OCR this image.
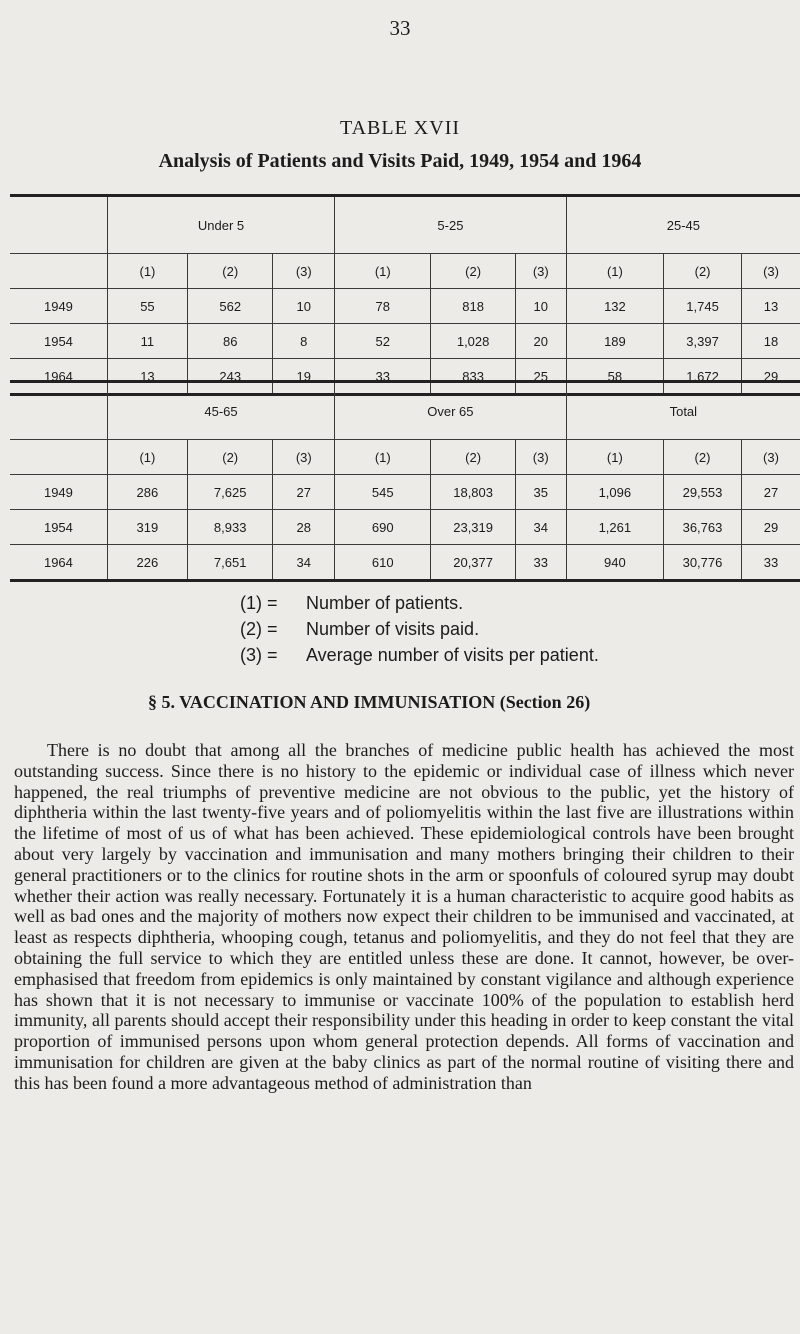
33
TABLE XVII
Analysis of Patients and Visits Paid, 1949, 1954 and 1964
	Under 5			5-25			25-45		
	(1)	(2)	(3)	(1)	(2)	(3)	(1)	(2)	(3)
1949	55	562	10	78	818	10	132	1,745	13
1954	11	86	8	52	1,028	20	189	3,397	18
1964	13	243	19	33	833	25	58	1,672	29
	45-65			Over 65			Total		
	(1)	(2)	(3)	(1)	(2)	(3)	(1)	(2)	(3)
1949	286	7,625	27	545	18,803	35	1,096	29,553	27
1954	319	8,933	28	690	23,319	34	1,261	36,763	29
1964	226	7,651	34	610	20,377	33	940	30,776	33
(1) =	Number of patients.
(2) =	Number of visits paid.
(3) =	Average number of visits per patient.
§ 5. VACCINATION AND IMMUNISATION (Section 26)

There is no doubt that among all the branches of medicine public health has achieved the most outstanding success. Since there is no history to the epidemic or individual case of illness which never happened, the real triumphs of preventive medicine are not obvious to the public, yet the history of diphtheria within the last twenty-five years and of poliomyelitis within the last five are illustrations within the lifetime of most of us of what has been achieved. These epidemiological controls have been brought about very largely by vaccination and immunisation and many mothers bringing their children to their general practitioners or to the clinics for routine shots in the arm or spoonfuls of coloured syrup may doubt whether their action was really necessary. Fortunately it is a human characteristic to acquire good habits as well as bad ones and the majority of mothers now expect their children to be immunised and vaccinated, at least as respects diphtheria, whooping cough, tetanus and poliomyelitis, and they do not feel that they are obtaining the full service to which they are entitled unless these are done. It cannot, however, be over-emphasised that freedom from epidemics is only maintained by constant vigilance and although experience has shown that it is not necessary to immunise or vaccinate 100% of the population to establish herd immunity, all parents should accept their responsibility under this heading in order to keep constant the vital proportion of immunised persons upon whom general protection depends. All forms of vaccination and immunisation for children are given at the baby clinics as part of the normal routine of visiting there and this has been found a more advantageous method of administration than
